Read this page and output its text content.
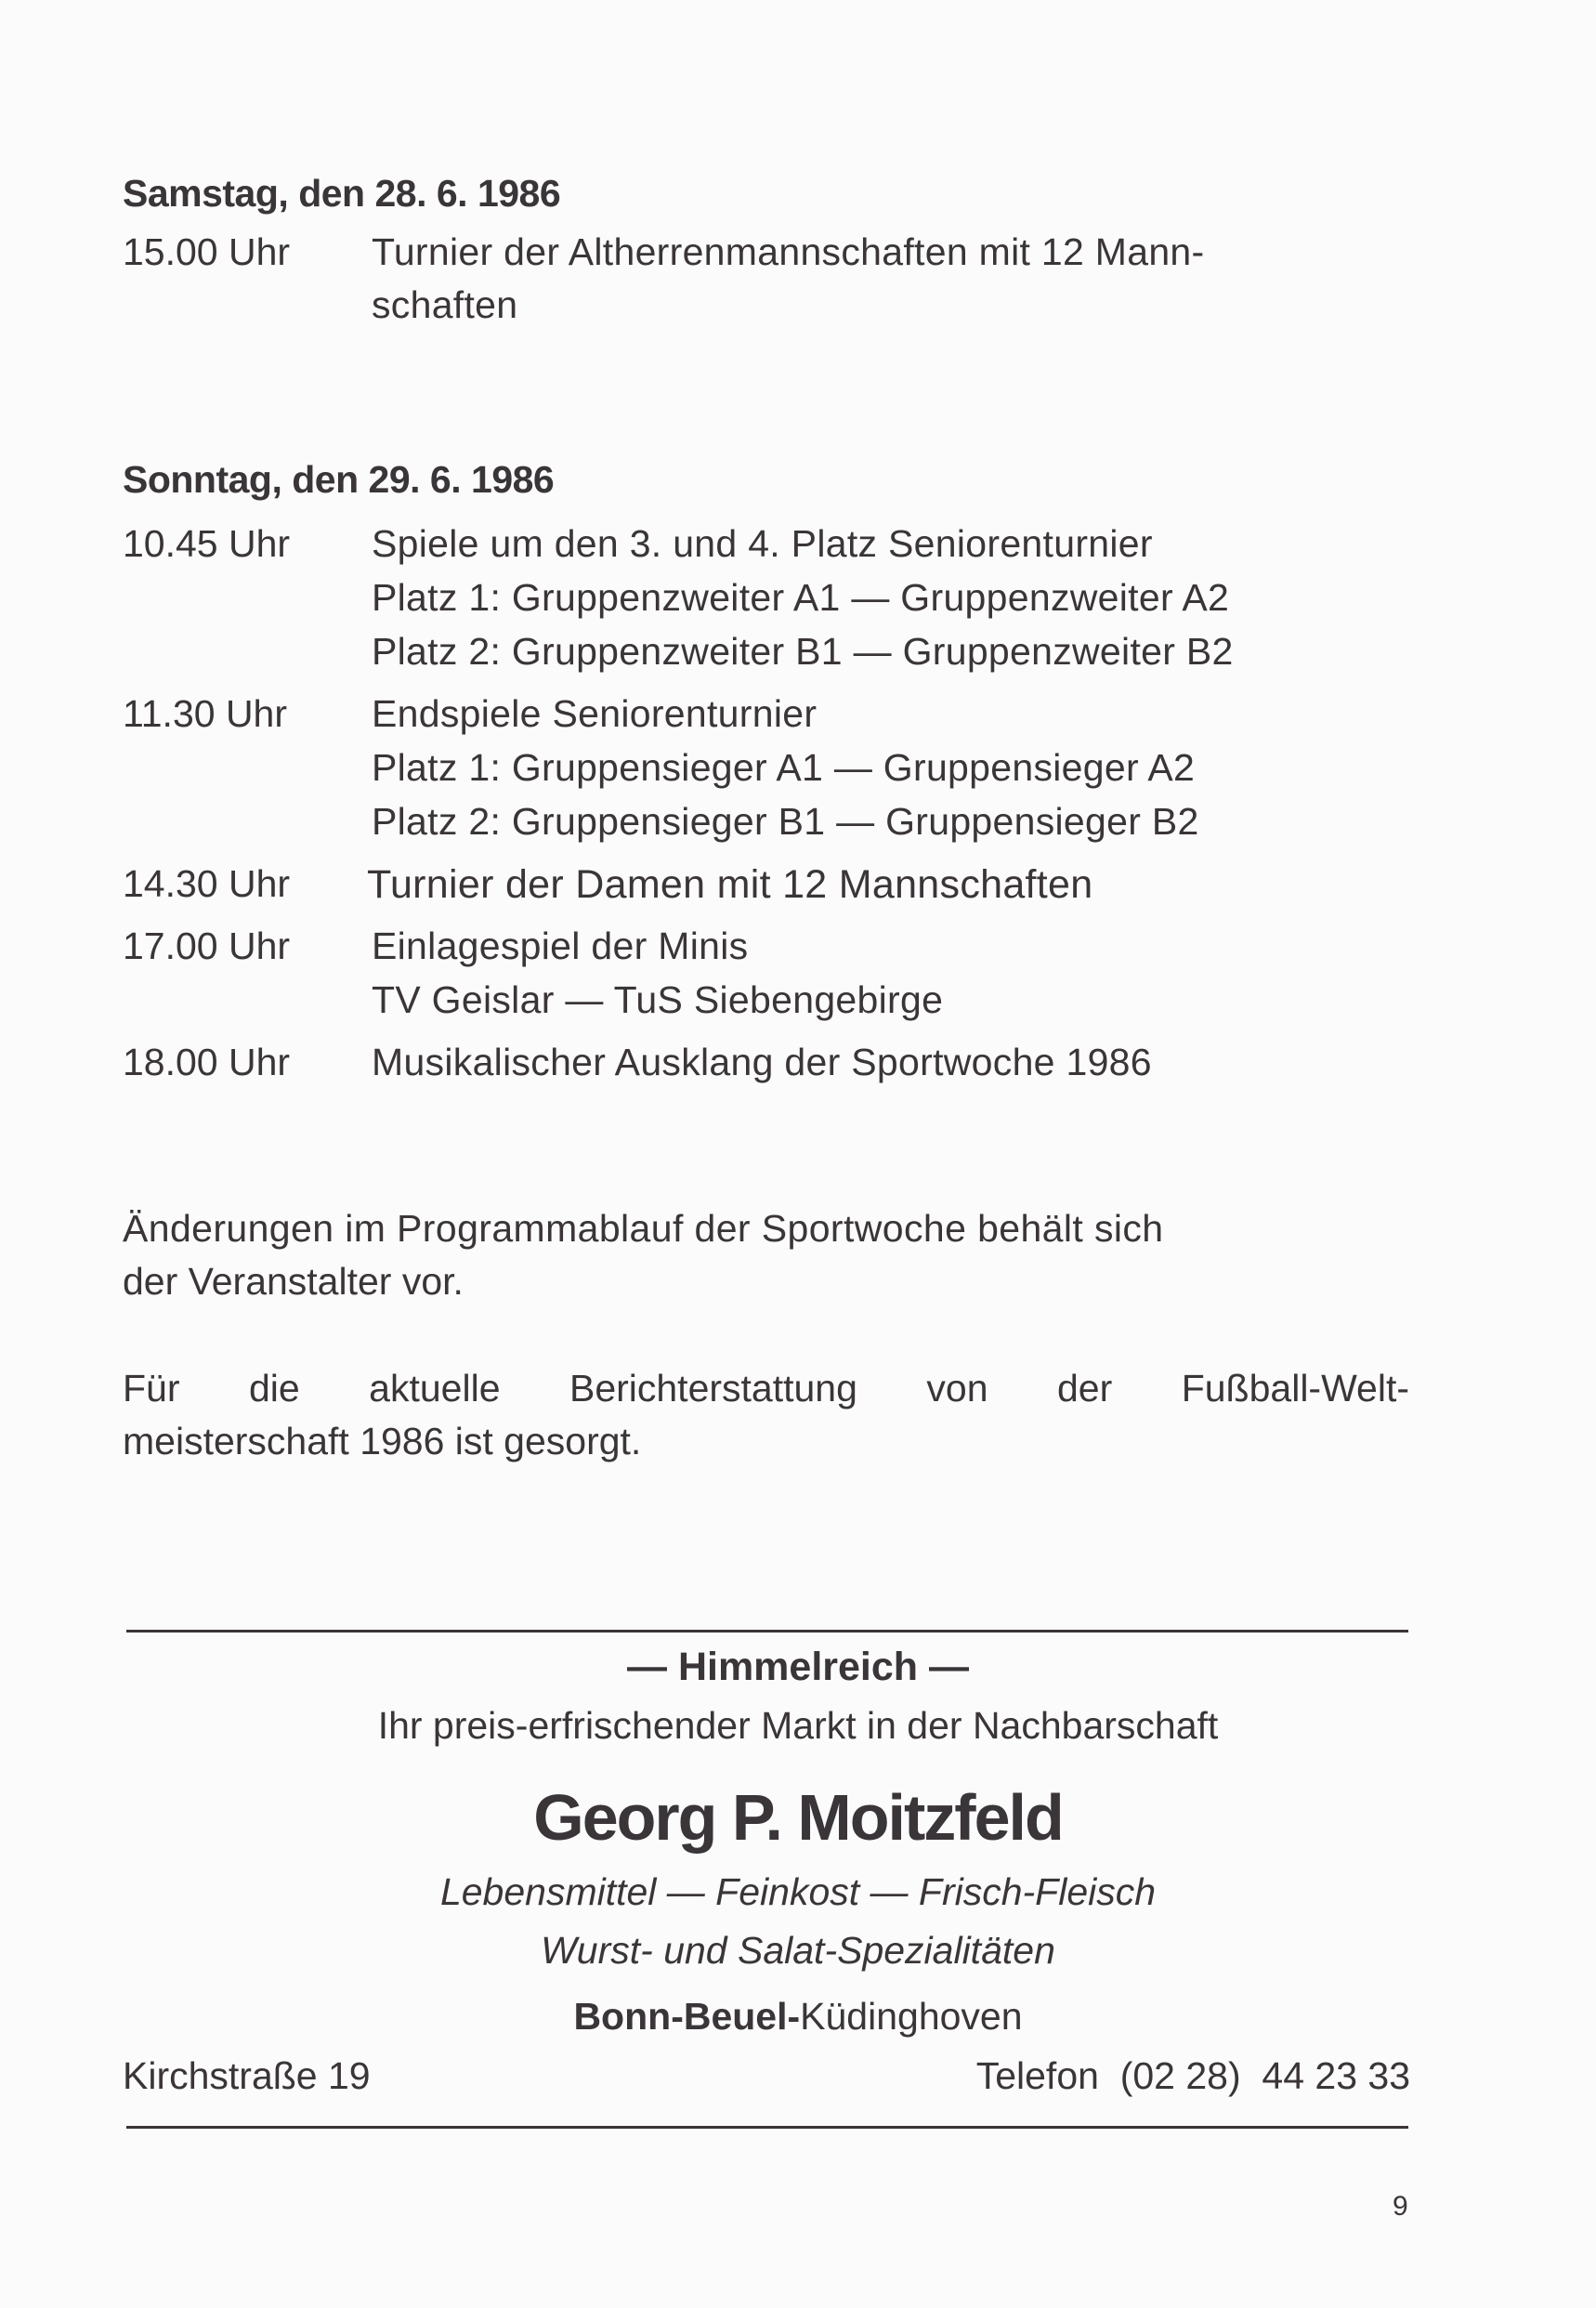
Samstag, den 28. 6. 1986
15.00 Uhr Turnier der Altherrenmannschaften mit 12 Mann-
schaften
Sonntag, den 29. 6. 1986
10.45 Uhr Spiele um den 3. und 4. Platz Seniorenturnier
Platz 1: Gruppenzweiter A1 — Gruppenzweiter A2
Platz 2: Gruppenzweiter B1 — Gruppenzweiter B2
11.30 Uhr Endspiele Seniorenturnier
Platz 1: Gruppensieger A1 — Gruppensieger A2
Platz 2: Gruppensieger B1 — Gruppensieger B2
14.30 Uhr Turnier der Damen mit 12 Mannschaften
17.00 Uhr Einlagespiel der Minis
TV Geislar — TuS Siebengebirge
18.00 Uhr Musikalischer Ausklang der Sportwoche 1986
Änderungen im Programmablauf der Sportwoche behält sich
der Veranstalter vor.
Für die aktuelle Berichterstattung von der Fußball-Welt-
meisterschaft 1986 ist gesorgt.
— Himmelreich —
Ihr preis-erfrischender Markt in der Nachbarschaft
Georg P. Moitzfeld
Lebensmittel — Feinkost — Frisch-Fleisch
Wurst- und Salat-Spezialitäten
Bonn-Beuel-Küdinghoven
Kirchstraße 19	Telefon  (02 28)  44 23 33
9
